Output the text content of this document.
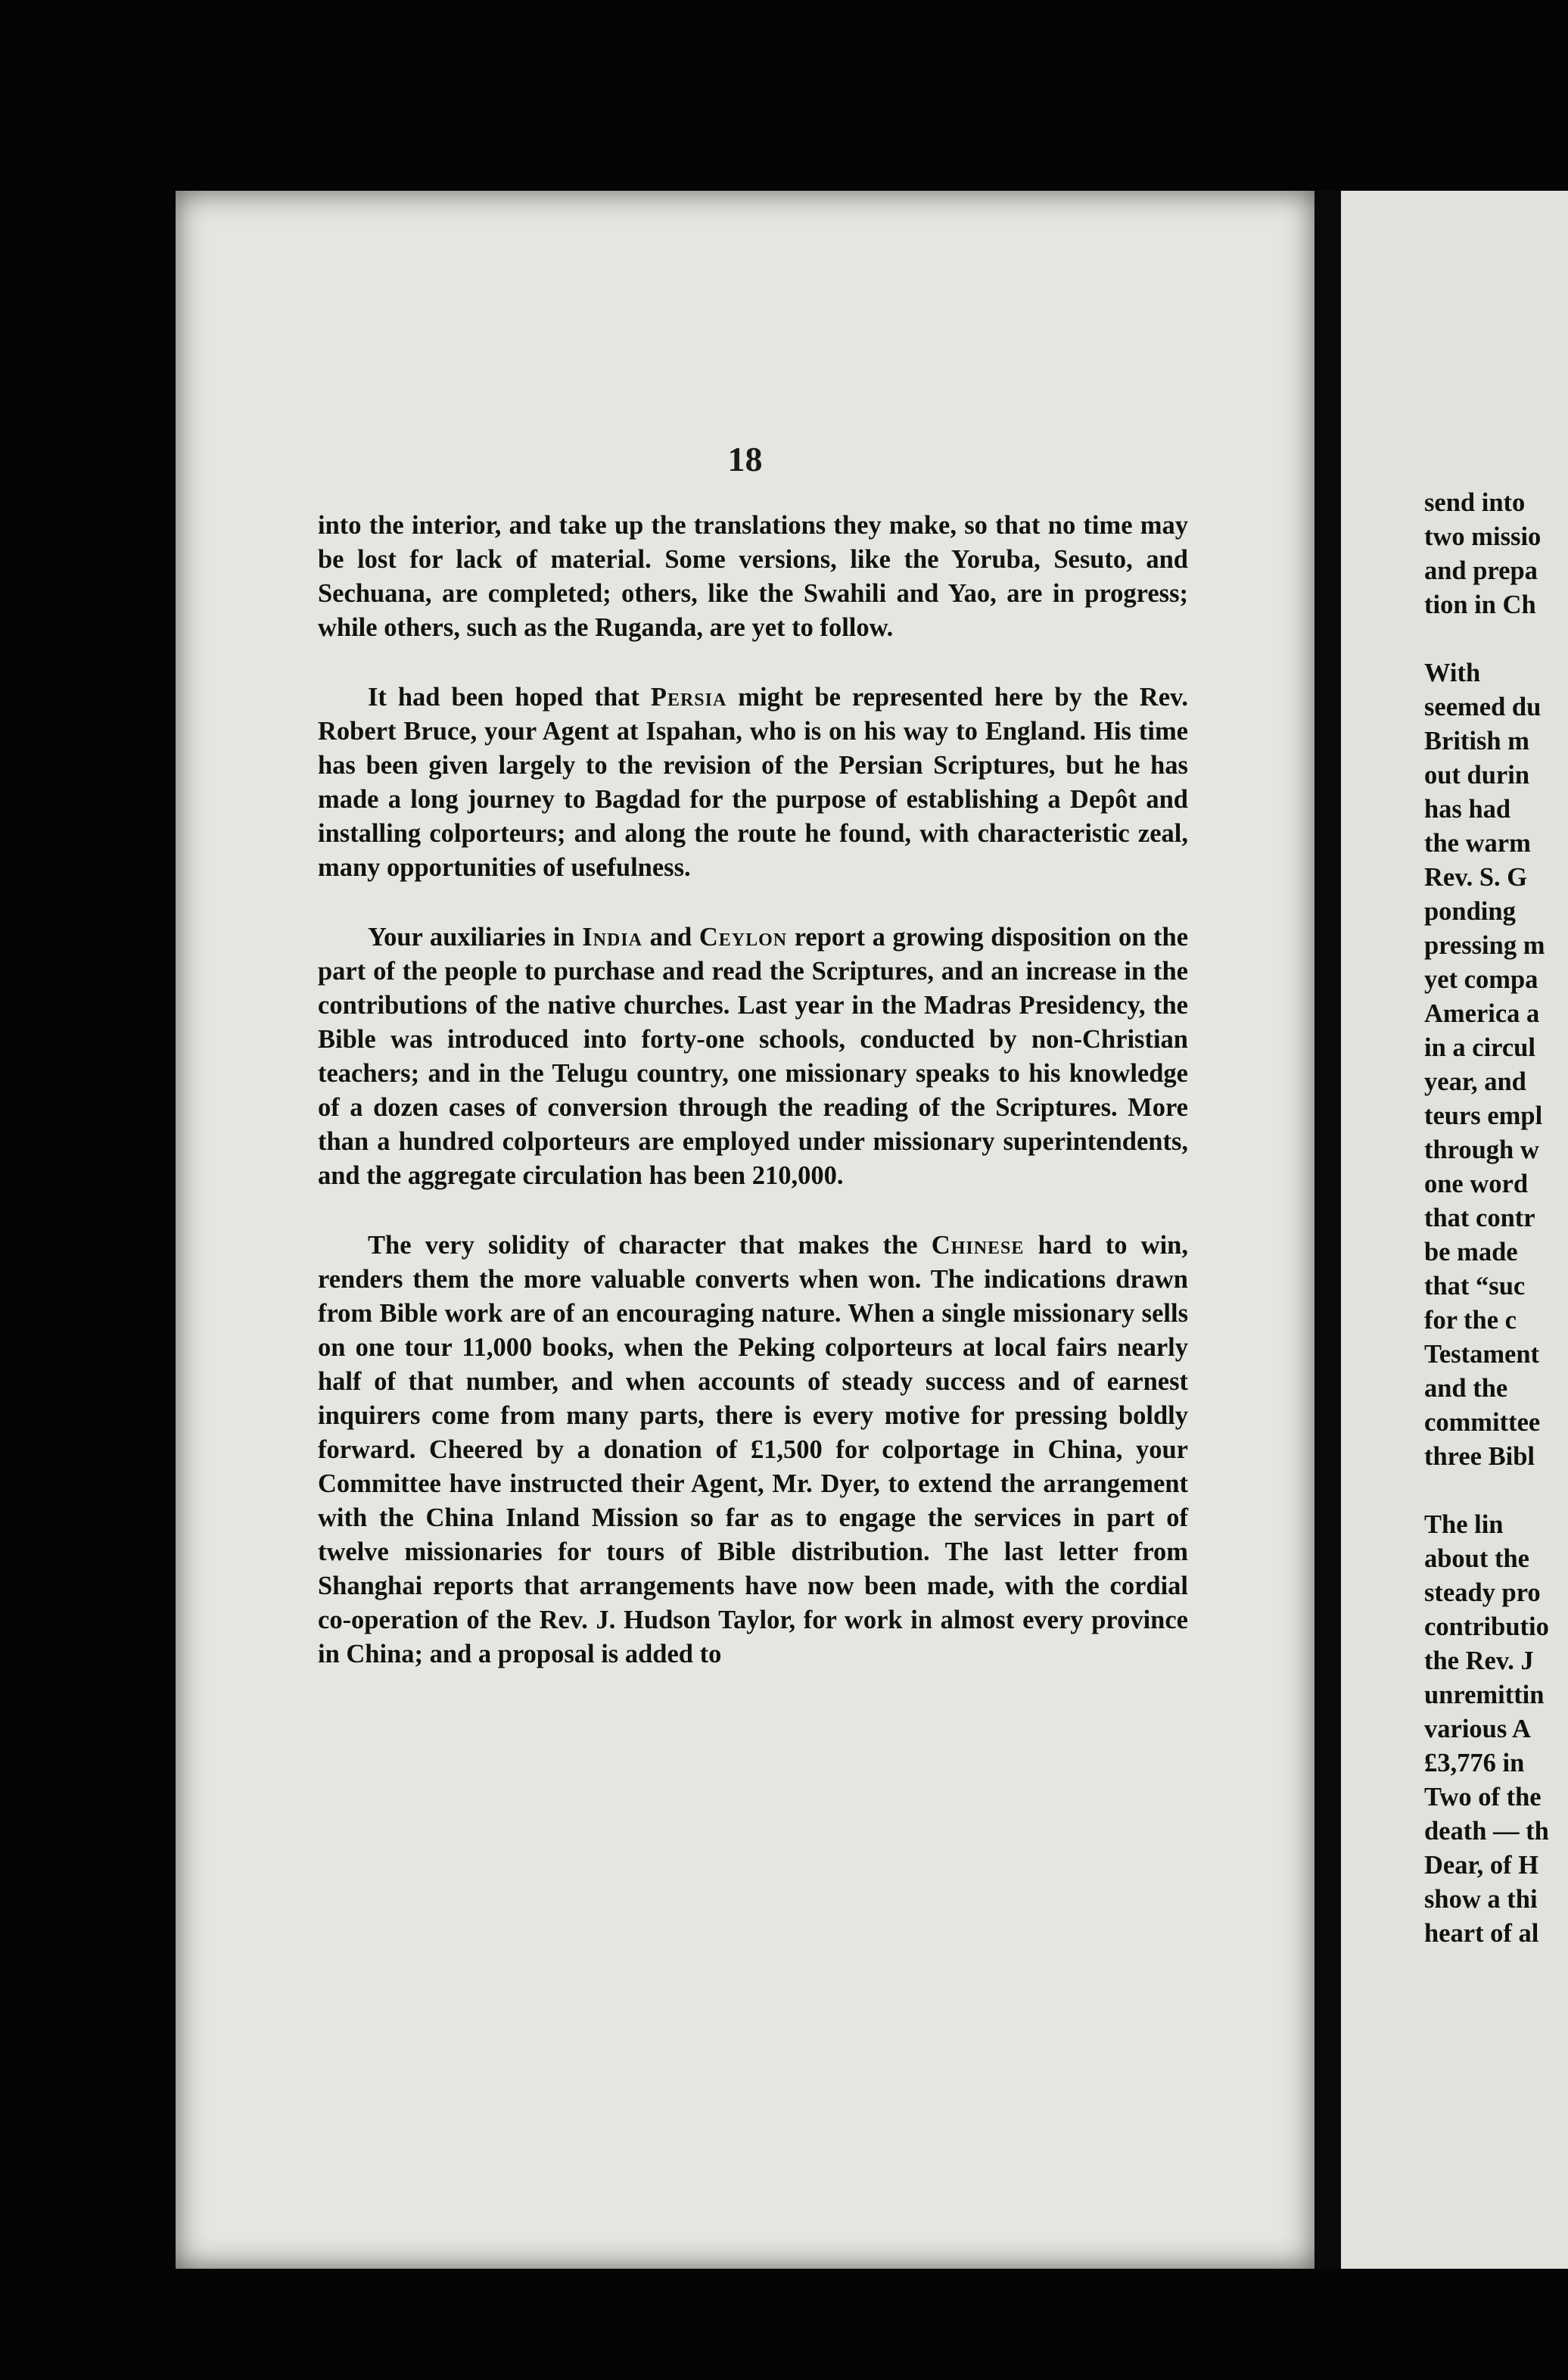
18

into the interior, and take up the translations they make, so that no time may be lost for lack of material. Some versions, like the Yoruba, Sesuto, and Sechuana, are completed; others, like the Swahili and Yao, are in progress; while others, such as the Ruganda, are yet to follow.

It had been hoped that Persia might be represented here by the Rev. Robert Bruce, your Agent at Ispahan, who is on his way to England. His time has been given largely to the revision of the Persian Scriptures, but he has made a long journey to Bagdad for the purpose of establishing a Depôt and installing colporteurs; and along the route he found, with characteristic zeal, many opportunities of usefulness.

Your auxiliaries in India and Ceylon report a growing disposition on the part of the people to purchase and read the Scriptures, and an increase in the contributions of the native churches. Last year in the Madras Presidency, the Bible was introduced into forty-one schools, conducted by non-Christian teachers; and in the Telugu country, one missionary speaks to his knowledge of a dozen cases of conversion through the reading of the Scriptures. More than a hundred colporteurs are employed under missionary superintendents, and the aggregate circulation has been 210,000.

The very solidity of character that makes the Chinese hard to win, renders them the more valuable converts when won. The indications drawn from Bible work are of an encouraging nature. When a single missionary sells on one tour 11,000 books, when the Peking colporteurs at local fairs nearly half of that number, and when accounts of steady success and of earnest inquirers come from many parts, there is every motive for pressing boldly forward. Cheered by a donation of £1,500 for colportage in China, your Committee have instructed their Agent, Mr. Dyer, to extend the arrangement with the China Inland Mission so far as to engage the services in part of twelve missionaries for tours of Bible distribution. The last letter from Shanghai reports that arrangements have now been made, with the cordial co-operation of the Rev. J. Hudson Taylor, for work in almost every province in China; and a proposal is added to

send into
two missio
and prepa
tion in Ch
With
seemed du
British m
out durin
has had
the warm
Rev. S. G
ponding
pressing m
yet compa
America a
in a circul
year, and
teurs empl
through w
one word
that contr
be made
that “suc
for the c
Testament
and the
committee
three Bibl
The lin
about the
steady pro
contributio
the Rev. J
unremittin
various A
£3,776 in
Two of the
death — th
Dear, of H
show a thi
heart of al
